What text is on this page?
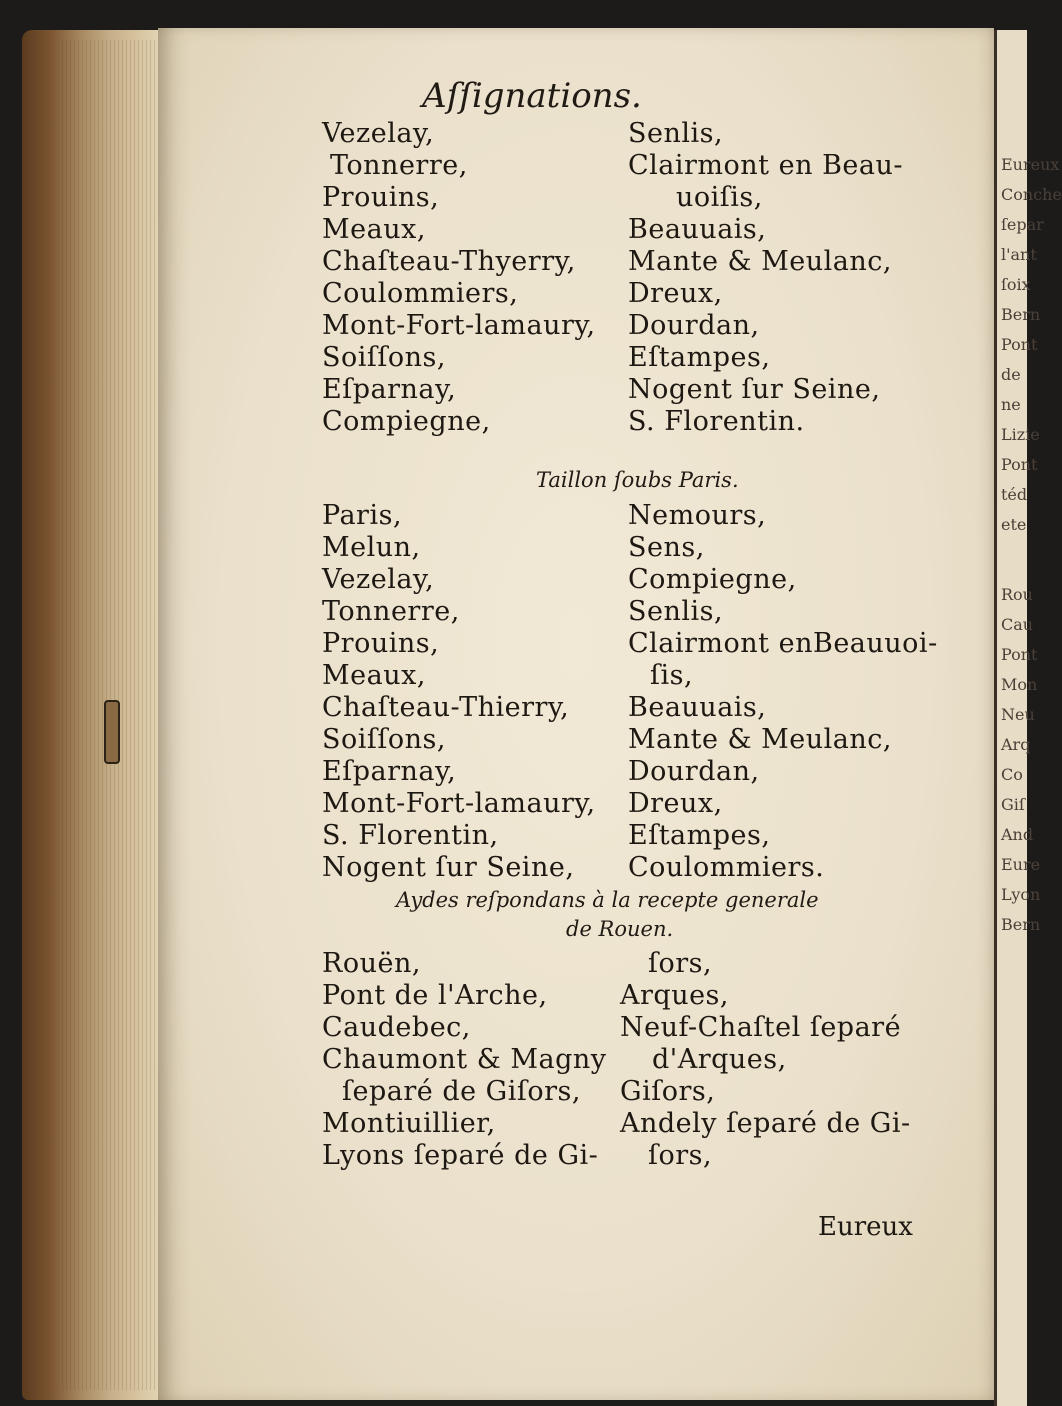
Eureux
Conche
ſepar
l'ant
ſoix
Bern
Pont
de
ne
Lizie
Pont
téd
ete
Rou
Cau
Pont
Mon
Neu
Arq
Co
Giſ
And
Eure
Lyon
Bern
Aſſignations.
Vezelay,
Tonnerre,
Prouins,
Meaux,
Chaſteau-Thyerry,
Coulommiers,
Mont-Fort-lamaury,
Soiſſons,
Eſparnay,
Compiegne,
Senlis,
Clairmont en Beau-
uoiſis,
Beauuais,
Mante & Meulanc,
Dreux,
Dourdan,
Eſtampes,
Nogent ſur Seine,
S. Florentin.
Taillon ſoubs Paris.
Paris,
Melun,
Vezelay,
Tonnerre,
Prouins,
Meaux,
Chaſteau-Thierry,
Soiſſons,
Eſparnay,
Mont-Fort-lamaury,
S. Florentin,
Nogent ſur Seine,
Nemours,
Sens,
Compiegne,
Senlis,
Clairmont enBeauuoi-
ſis,
Beauuais,
Mante & Meulanc,
Dourdan,
Dreux,
Eſtampes,
Coulommiers.
Aydes reſpondans à la recepte generale
de Rouen.
Rouën,
Pont de l'Arche,
Caudebec,
Chaumont & Magny
ſeparé de Giſors,
Montiuillier,
Lyons ſeparé de Gi-
ſors,
Arques,
Neuf-Chaſtel ſeparé
d'Arques,
Giſors,
Andely ſeparé de Gi-
ſors,
Eureux
